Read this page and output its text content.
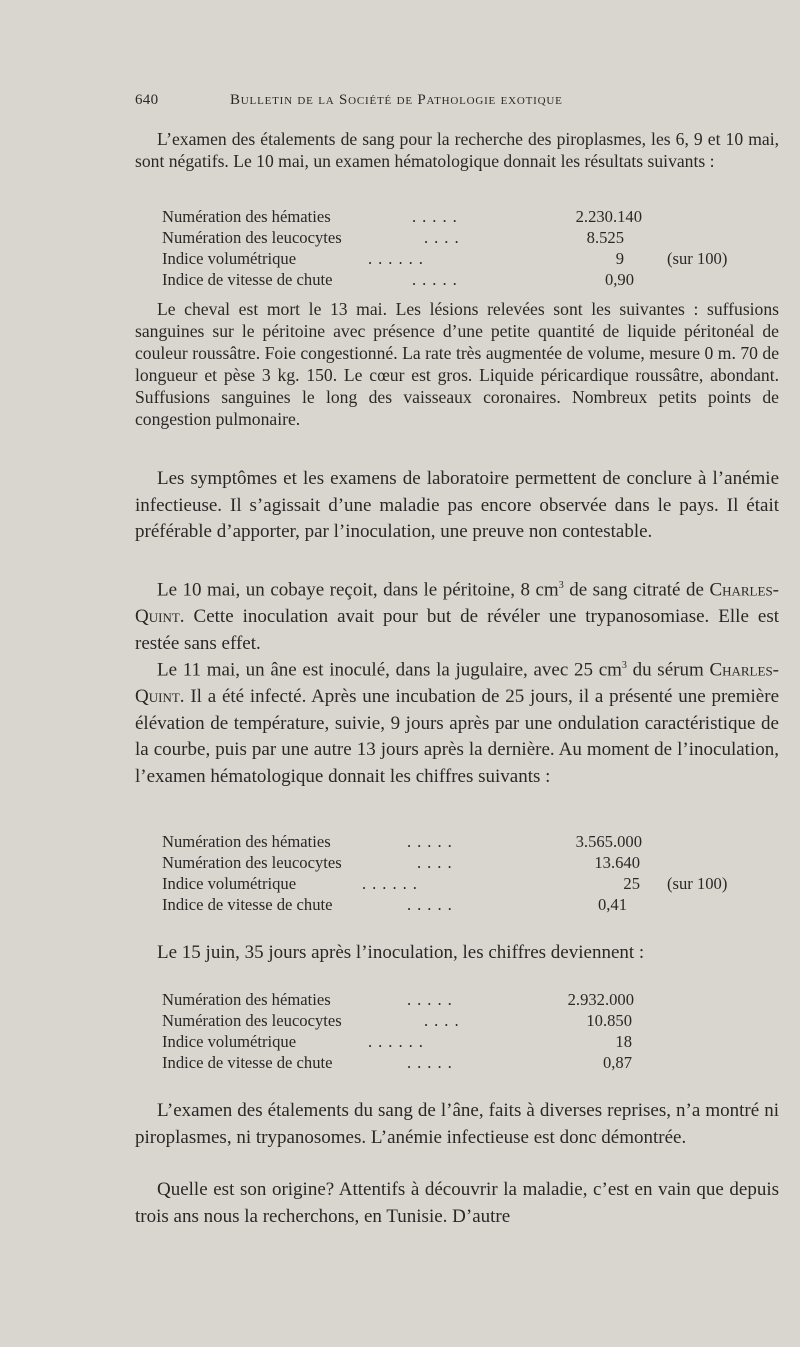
640	Bulletin de la Société de Pathologie exotique

L’examen des étalements de sang pour la recherche des piroplasmes, les 6, 9 et 10 mai, sont négatifs. Le 10 mai, un examen hématologique donnait les résultats suivants :

Numération des hématies	.....	2.230.140
Numération des leucocytes	....	8.525
Indice volumétrique	......	9	(sur 100)
Indice de vitesse de chute	.....	0,90

Le cheval est mort le 13 mai. Les lésions relevées sont les suivantes : suffusions sanguines sur le péritoine avec présence d’une petite quantité de liquide péritonéal de couleur roussâtre. Foie congestionné. La rate très augmentée de volume, mesure 0 m. 70 de longueur et pèse 3 kg. 150. Le cœur est gros. Liquide péricardique roussâtre, abondant. Suffusions sanguines le long des vaisseaux coronaires. Nombreux petits points de congestion pulmonaire.

Les symptômes et les examens de laboratoire permettent de conclure à l’anémie infectieuse. Il s’agissait d’une maladie pas encore observée dans le pays. Il était préférable d’apporter, par l’inoculation, une preuve non contestable.

Le 10 mai, un cobaye reçoit, dans le péritoine, 8 $cm^3$ de sang citraté de Charles-Quint. Cette inoculation avait pour but de révéler une trypanosomiase. Elle est restée sans effet.

Le 11 mai, un âne est inoculé, dans la jugulaire, avec 25 $cm^3$ du sérum Charles-Quint. Il a été infecté. Après une incubation de 25 jours, il a présenté une première élévation de température, suivie, 9 jours après par une ondulation caractéristique de la courbe, puis par une autre 13 jours après la dernière. Au moment de l’inoculation, l’examen hématologique donnait les chiffres suivants :

Numération des hématies	.....	3.565.000
Numération des leucocytes	....	13.640
Indice volumétrique	......	25 (sur 100)
Indice de vitesse de chute	.....	0,41

Le 15 juin, 35 jours après l’inoculation, les chiffres deviennent :

Numération des hématies	.....	2.932.000
Numération des leucocytes	....	10.850
Indice volumétrique	......	18
Indice de vitesse de chute	.....	0,87

L’examen des étalements du sang de l’âne, faits à diverses reprises, n’a montré ni piroplasmes, ni trypanosomes. L’anémie infectieuse est donc démontrée.

Quelle est son origine? Attentifs à découvrir la maladie, c’est en vain que depuis trois ans nous la recherchons, en Tunisie. D’autre
